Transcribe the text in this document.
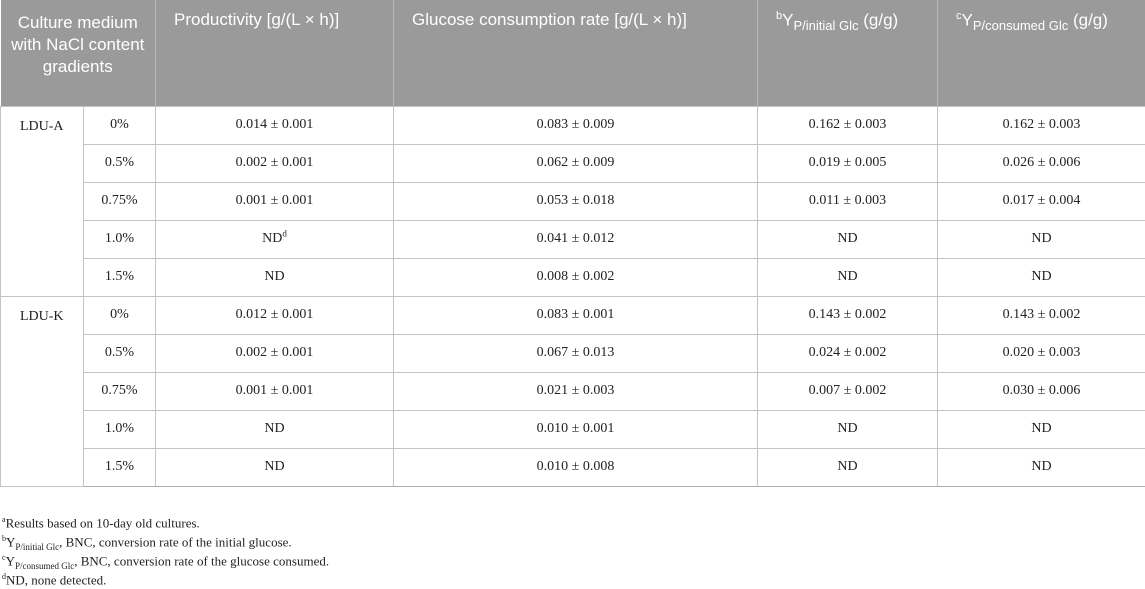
Culture medium with NaCl content gradients		Productivity [g/(L × h)]	Glucose consumption rate [g/(L × h)]	$^bY_{P/initial Glc}$ (g/g)	$^cY_{P/consumed Glc}$ (g/g)
LDU-A	0%	0.014 ± 0.001	0.083 ± 0.009	0.162 ± 0.003	0.162 ± 0.003
	0.5%	0.002 ± 0.001	0.062 ± 0.009	0.019 ± 0.005	0.026 ± 0.006
	0.75%	0.001 ± 0.001	0.053 ± 0.018	0.011 ± 0.003	0.017 ± 0.004
	1.0%	$ND^d$	0.041 ± 0.012	ND	ND
	1.5%	ND	0.008 ± 0.002	ND	ND
LDU-K	0%	0.012 ± 0.001	0.083 ± 0.001	0.143 ± 0.002	0.143 ± 0.002
	0.5%	0.002 ± 0.001	0.067 ± 0.013	0.024 ± 0.002	0.020 ± 0.003
	0.75%	0.001 ± 0.001	0.021 ± 0.003	0.007 ± 0.002	0.030 ± 0.006
	1.0%	ND	0.010 ± 0.001	ND	ND
	1.5%	ND	0.010 ± 0.008	ND	ND
$^a$Results based on 10-day old cultures.
$^bY_{P/initial Glc}$, BNC, conversion rate of the initial glucose.
$^cY_{P/consumed Glc}$, BNC, conversion rate of the glucose consumed.
$^d$ND, none detected.
